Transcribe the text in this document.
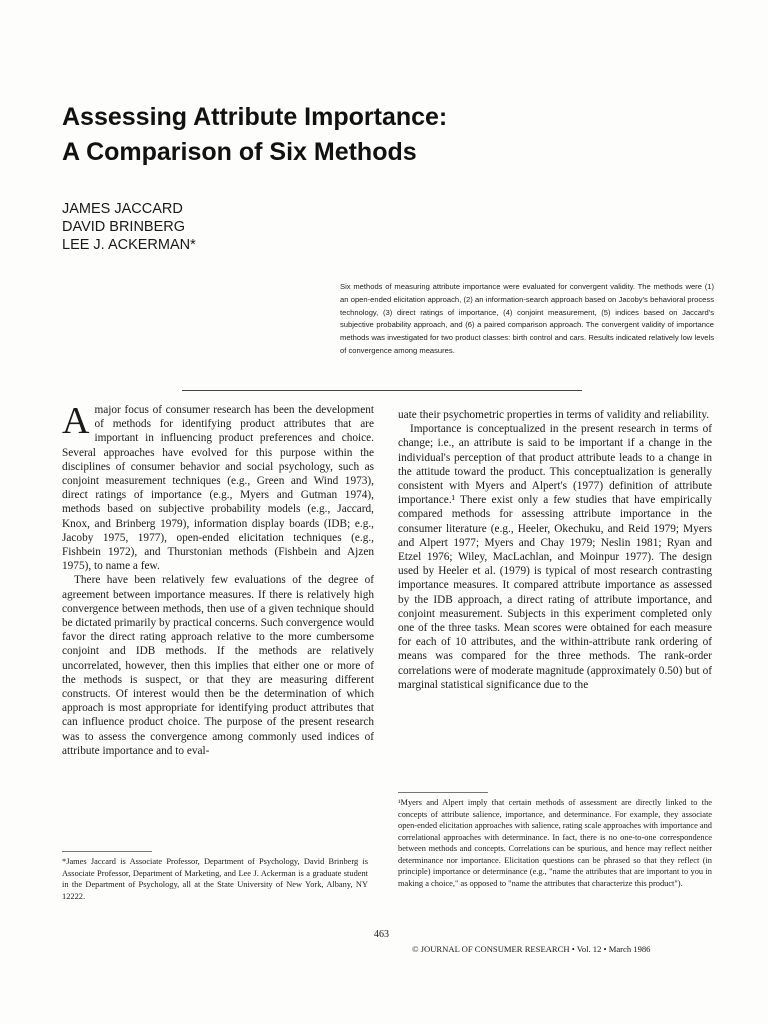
Assessing Attribute Importance:
A Comparison of Six Methods
JAMES JACCARD
DAVID BRINBERG
LEE J. ACKERMAN*
Six methods of measuring attribute importance were evaluated for convergent validity. The methods were (1) an open-ended elicitation approach, (2) an information-search approach based on Jacoby's behavioral process technology, (3) direct ratings of importance, (4) conjoint measurement, (5) indices based on Jaccard's subjective probability approach, and (6) a paired comparison approach. The convergent validity of importance methods was investigated for two product classes: birth control and cars. Results indicated relatively low levels of convergence among measures.

Amajor focus of consumer research has been the development of methods for identifying product attributes that are important in influencing product preferences and choice. Several approaches have evolved for this purpose within the disciplines of consumer behavior and social psychology, such as conjoint measurement techniques (e.g., Green and Wind 1973), direct ratings of importance (e.g., Myers and Gutman 1974), methods based on subjective probability models (e.g., Jaccard, Knox, and Brinberg 1979), information display boards (IDB; e.g., Jacoby 1975, 1977), open-ended elicitation techniques (e.g., Fishbein 1972), and Thurstonian methods (Fishbein and Ajzen 1975), to name a few.

There have been relatively few evaluations of the degree of agreement between importance measures. If there is relatively high convergence between methods, then use of a given technique should be dictated primarily by practical concerns. Such convergence would favor the direct rating approach relative to the more cumbersome conjoint and IDB methods. If the methods are relatively uncorrelated, however, then this implies that either one or more of the methods is suspect, or that they are measuring different constructs. Of interest would then be the determination of which approach is most appropriate for identifying product attributes that can influence product choice. The purpose of the present research was to assess the convergence among commonly used indices of attribute importance and to eval-

uate their psychometric properties in terms of validity and reliability.

Importance is conceptualized in the present research in terms of change; i.e., an attribute is said to be important if a change in the individual's perception of that product attribute leads to a change in the attitude toward the product. This conceptualization is generally consistent with Myers and Alpert's (1977) definition of attribute importance.¹ There exist only a few studies that have empirically compared methods for assessing attribute importance in the consumer literature (e.g., Heeler, Okechuku, and Reid 1979; Myers and Alpert 1977; Myers and Chay 1979; Neslin 1981; Ryan and Etzel 1976; Wiley, MacLachlan, and Moinpur 1977). The design used by Heeler et al. (1979) is typical of most research contrasting importance measures. It compared attribute importance as assessed by the IDB approach, a direct rating of attribute importance, and conjoint measurement. Subjects in this experiment completed only one of the three tasks. Mean scores were obtained for each measure for each of 10 attributes, and the within-attribute rank ordering of means was compared for the three methods. The rank-order correlations were of moderate magnitude (approximately 0.50) but of marginal statistical significance due to the

*James Jaccard is Associate Professor, Department of Psychology, David Brinberg is Associate Professor, Department of Marketing, and Lee J. Ackerman is a graduate student in the Department of Psychology, all at the State University of New York, Albany, NY 12222.
¹Myers and Alpert imply that certain methods of assessment are directly linked to the concepts of attribute salience, importance, and determinance. For example, they associate open-ended elicitation approaches with salience, rating scale approaches with importance and correlational approaches with determinance. In fact, there is no one-to-one correspondence between methods and concepts. Correlations can be spurious, and hence may reflect neither determinance nor importance. Elicitation questions can be phrased so that they reflect (in principle) importance or determinance (e.g., "name the attributes that are important to you in making a choice," as opposed to "name the attributes that characterize this product").
463
© JOURNAL OF CONSUMER RESEARCH • Vol. 12 • March 1986
